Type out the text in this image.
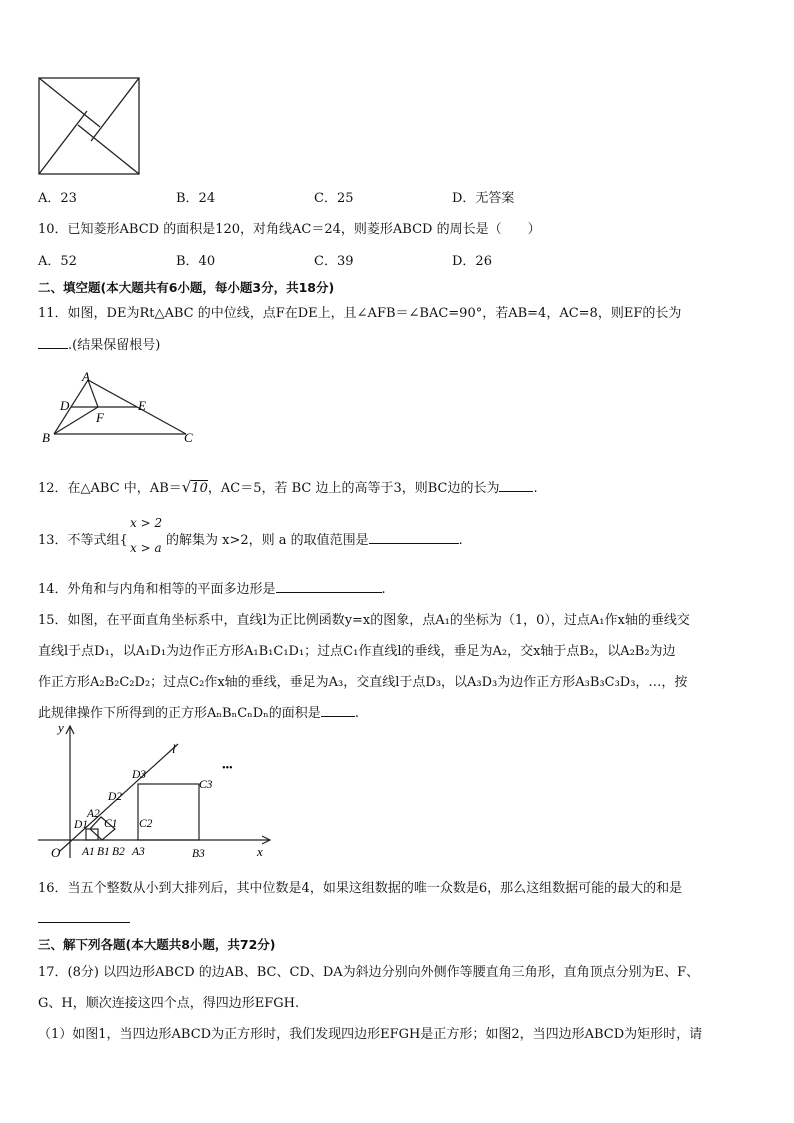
A．23	B．24	C．25	D．无答案
10．已知菱形ABCD 的面积是120，对角线AC＝24，则菱形ABCD 的周长是（　　）
A．52	B．40	C．39	D．26
二、填空题(本大题共有6小题，每小题3分，共18分)
11．如图，DE为Rt△ABC 的中位线，点F在DE上，且∠AFB＝∠BAC=90°，若AB=4，AC=8，则EF的长为
.(结果保留根号)
A
D	E
F
B	C
12．在△ABC 中，AB＝√10，AC＝5，若 BC 边上的高等于3，则BC边的长为	.
13．不等式组{
x > 2
x > a 的解集为 x>2，则 a 的取值范围是	.
14．外角和与内角和相等的平面多边形是	.
15．如图，在平面直角坐标系中，直线l为正比例函数y=x的图象，点A₁的坐标为（1，0），过点A₁作x轴的垂线交
直线l于点D₁，以A₁D₁为边作正方形A₁B₁C₁D₁；过点C₁作直线l的垂线，垂足为A₂，交x轴于点B₂，以A₂B₂为边
作正方形A₂B₂C₂D₂；过点C₂作x轴的垂线，垂足为A₃，交直线l于点D₃，以A₃D₃为边作正方形A₃B₃C₃D₃，…，按
此规律操作下所得到的正方形AₙBₙCₙDₙ的面积是	.
y
x
O
l
•••
D3
C3
D2
A2
D1 C1 C2
A1 B1 B2 A3	B3
16．当五个整数从小到大排列后，其中位数是4，如果这组数据的唯一众数是6，那么这组数据可能的最大的和是
三、解下列各题(本大题共8小题，共72分)
17．(8分) 以四边形ABCD 的边AB、BC、CD、DA为斜边分别向外侧作等腰直角三角形，直角顶点分别为E、F、
G、H，顺次连接这四个点，得四边形EFGH.
（1）如图1，当四边形ABCD为正方形时，我们发现四边形EFGH是正方形；如图2，当四边形ABCD为矩形时，请
